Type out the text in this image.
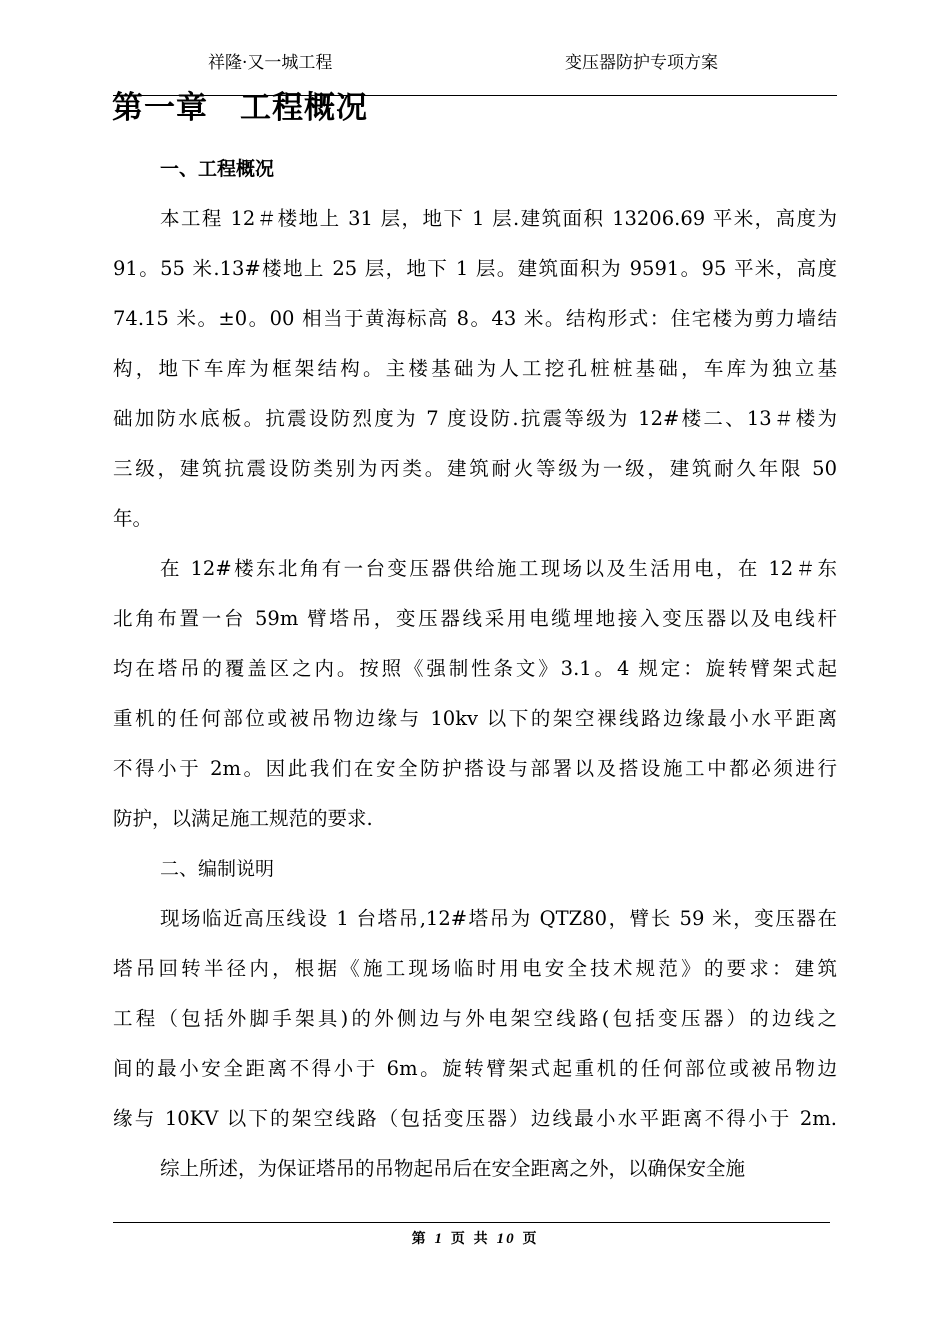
祥隆·又一城工程	变压器防护专项方案
第一章　工程概况
一、工程概况
本工程 12＃楼地上 31 层，地下 1 层.建筑面积 13206.69 平米，高度为
91。55 米.13#楼地上 25 层，地下 1 层。建筑面积为 9591。95 平米，高度
74.15 米。±0。00 相当于黄海标高 8。43 米。结构形式：住宅楼为剪力墙结
构，地下车库为框架结构。主楼基础为人工挖孔桩桩基础，车库为独立基
础加防水底板。抗震设防烈度为 7 度设防.抗震等级为 12#楼二、13＃楼为
三级，建筑抗震设防类别为丙类。建筑耐火等级为一级，建筑耐久年限 50
年。
在 12#楼东北角有一台变压器供给施工现场以及生活用电，在 12＃东
北角布置一台 59m 臂塔吊，变压器线采用电缆埋地接入变压器以及电线杆
均在塔吊的覆盖区之内。按照《强制性条文》3.1。4 规定：旋转臂架式起
重机的任何部位或被吊物边缘与 10kv 以下的架空裸线路边缘最小水平距离
不得小于 2m。因此我们在安全防护搭设与部署以及搭设施工中都必须进行
防护，以满足施工规范的要求.
二、编制说明
现场临近高压线设 1 台塔吊,12#塔吊为 QTZ80，臂长 59 米，变压器在
塔吊回转半径内，根据《施工现场临时用电安全技术规范》的要求：建筑
工程（包括外脚手架具)的外侧边与外电架空线路(包括变压器）的边线之
间的最小安全距离不得小于 6m。旋转臂架式起重机的任何部位或被吊物边
缘与 10KV 以下的架空线路（包括变压器）边线最小水平距离不得小于 2m.
综上所述，为保证塔吊的吊物起吊后在安全距离之外，以确保安全施
第 1 页 共 10 页
